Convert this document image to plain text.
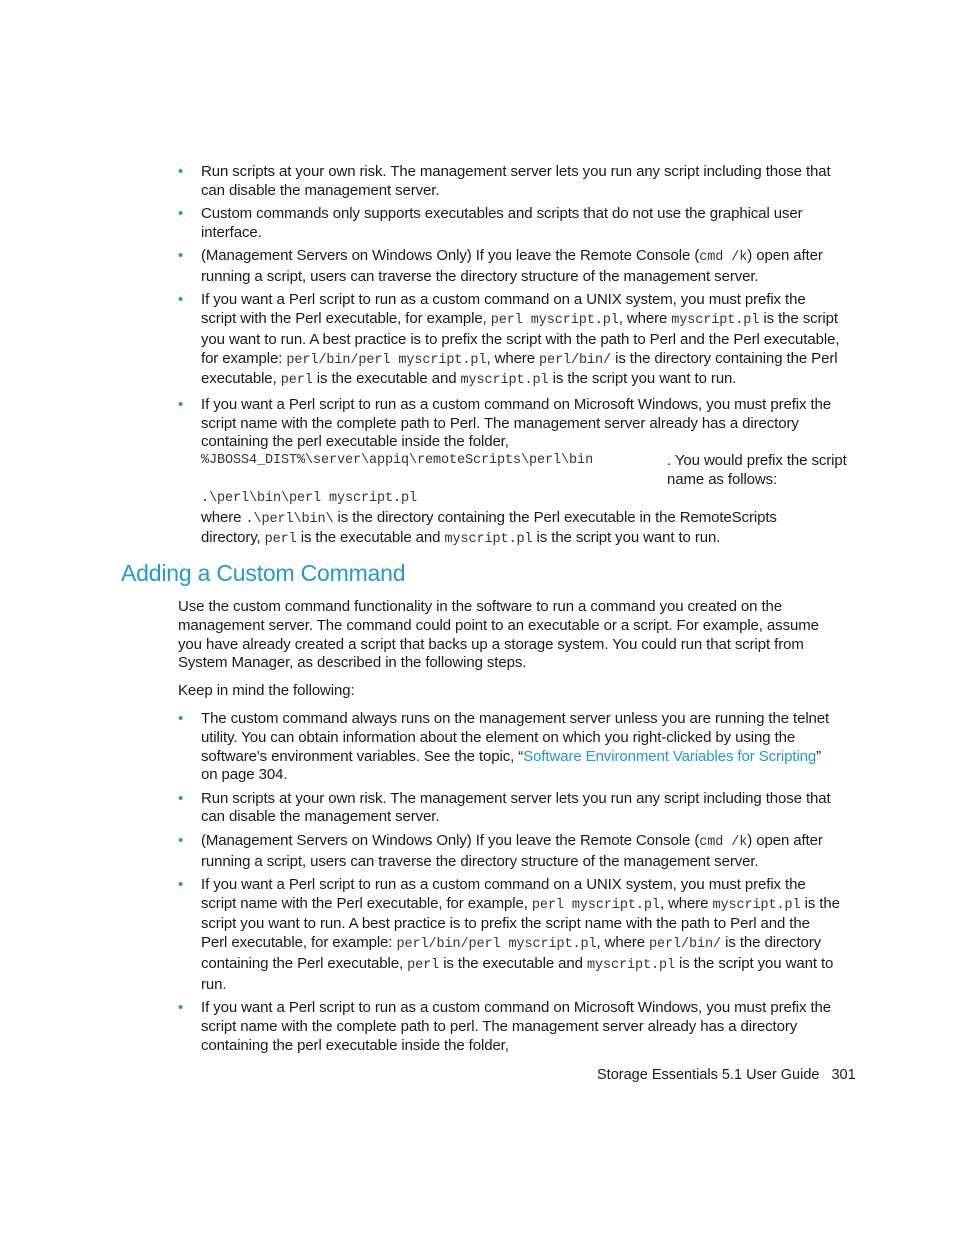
• Run scripts at your own risk. The management server lets you run any script including those that can disable the management server.
• Custom commands only supports executables and scripts that do not use the graphical user interface.
• (Management Servers on Windows Only) If you leave the Remote Console (cmd /k) open after running a script, users can traverse the directory structure of the management server.
• If you want a Perl script to run as a custom command on a UNIX system, you must prefix the script with the Perl executable, for example, perl myscript.pl, where myscript.pl is the script you want to run. A best practice is to prefix the script with the path to Perl and the Perl executable, for example: perl/bin/perl myscript.pl, where perl/bin/ is the directory containing the Perl executable, perl is the executable and myscript.pl is the script you want to run.
• If you want a Perl script to run as a custom command on Microsoft Windows, you must prefix the script name with the complete path to Perl. The management server already has a directory containing the perl executable inside the folder,
%JBOSS4_DIST%\server\appiq\remoteScripts\perl\bin	. You would prefix the script name as follows:
.\perl\bin\perl myscript.pl
where .\perl\bin\ is the directory containing the Perl executable in the RemoteScripts directory, perl is the executable and myscript.pl is the script you want to run.
Adding a Custom Command

Use the custom command functionality in the software to run a command you created on the management server. The command could point to an executable or a script. For example, assume you have already created a script that backs up a storage system. You could run that script from System Manager, as described in the following steps.

Keep in mind the following:

• The custom command always runs on the management server unless you are running the telnet utility. You can obtain information about the element on which you right-clicked by using the software's environment variables. See the topic, “Software Environment Variables for Scripting” on page 304.
• Run scripts at your own risk. The management server lets you run any script including those that can disable the management server.
• (Management Servers on Windows Only) If you leave the Remote Console (cmd /k) open after running a script, users can traverse the directory structure of the management server.
• If you want a Perl script to run as a custom command on a UNIX system, you must prefix the script name with the Perl executable, for example, perl myscript.pl, where myscript.pl is the script you want to run. A best practice is to prefix the script name with the path to Perl and the Perl executable, for example: perl/bin/perl myscript.pl, where perl/bin/ is the directory containing the Perl executable, perl is the executable and myscript.pl is the script you want to run.
• If you want a Perl script to run as a custom command on Microsoft Windows, you must prefix the script name with the complete path to perl. The management server already has a directory containing the perl executable inside the folder,
Storage Essentials 5.1 User Guide 301
